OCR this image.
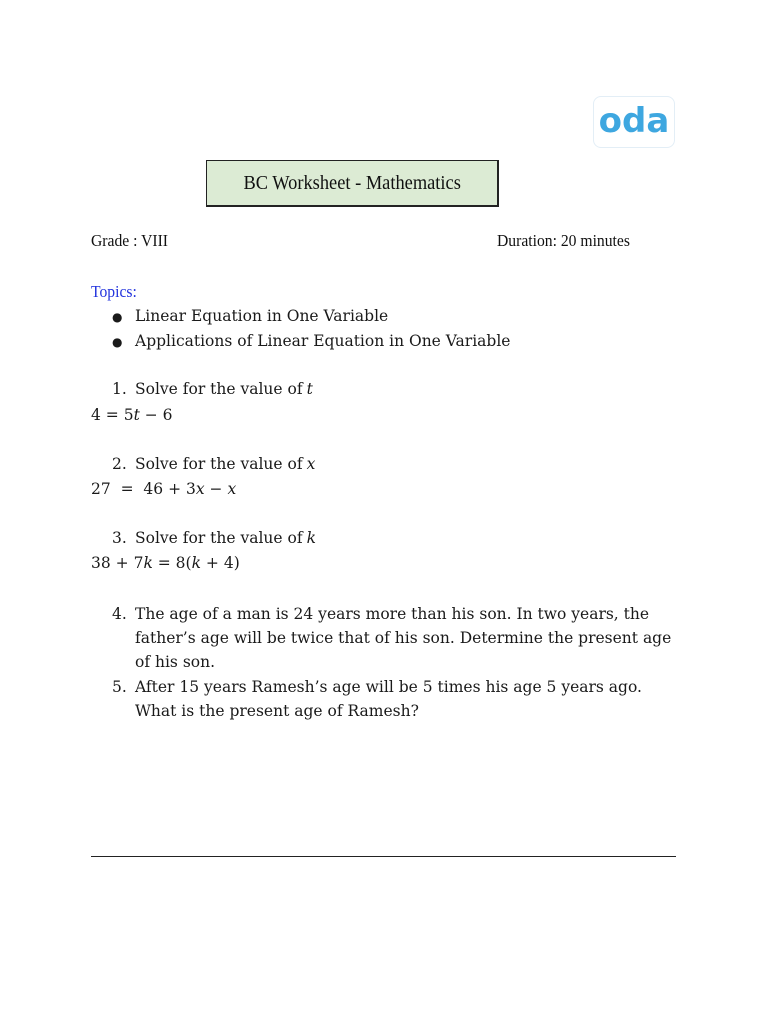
oda
BC Worksheet - Mathematics
Grade : VIII	Duration: 20 minutes
Topics:
● Linear Equation in One Variable
● Applications of Linear Equation in One Variable
1. Solve for the value of t
4 = 5t − 6
2. Solve for the value of x
27  =  46 + 3x − x
3. Solve for the value of k
38 + 7k = 8(k + 4)
4. The age of a man is 24 years more than his son. In two years, the father’s age will be twice that of his son. Determine the present age of his son.
5. After 15 years Ramesh’s age will be 5 times his age 5 years ago. What is the present age of Ramesh?
